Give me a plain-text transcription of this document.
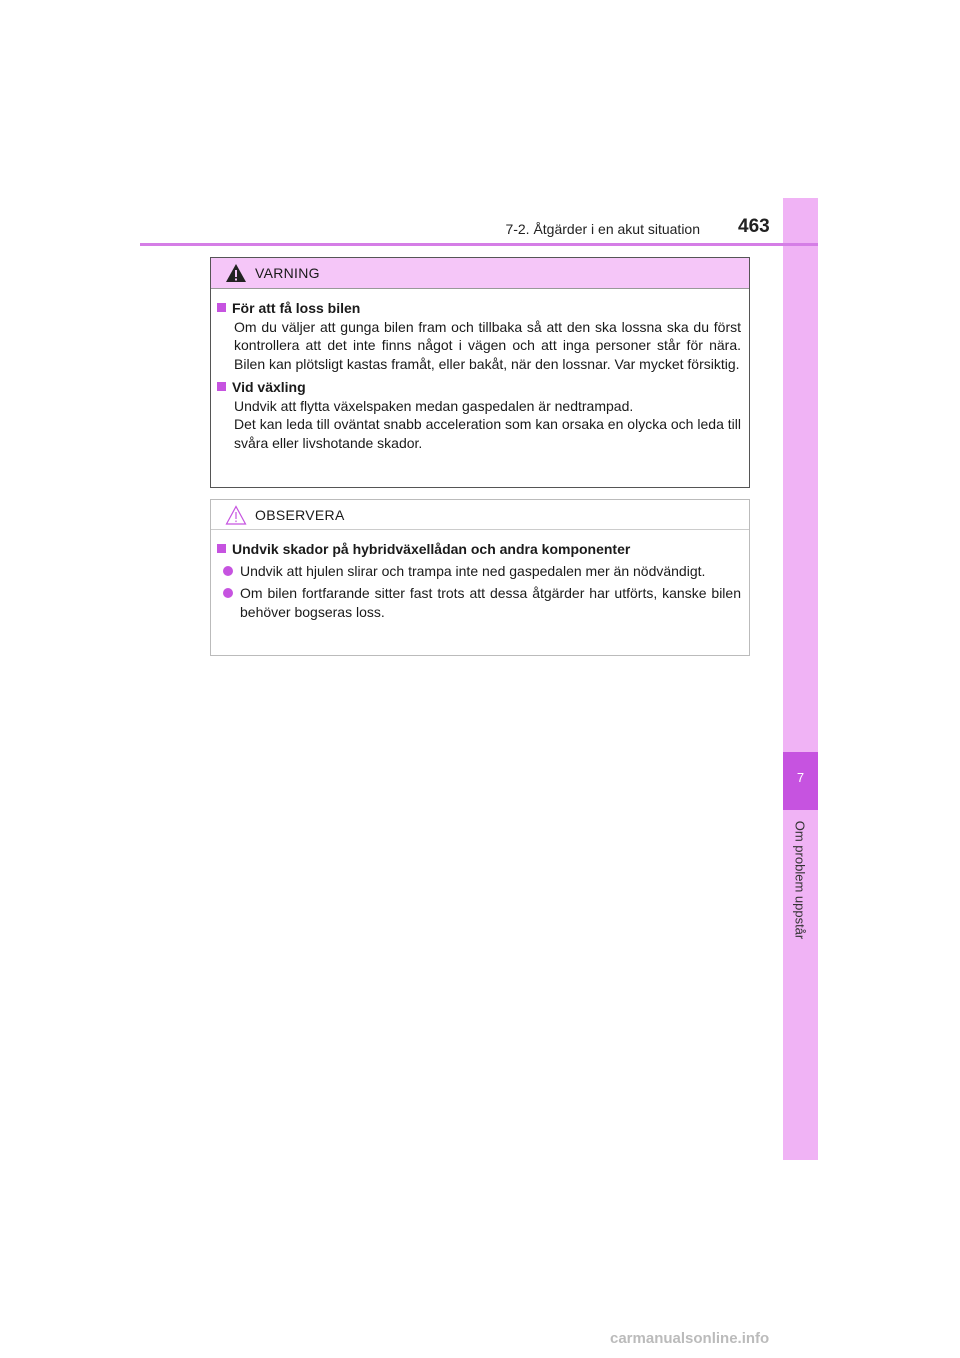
7
Om problem uppstår
7-2. Åtgärder i en akut situation 463
VARNING
För att få loss bilen
Om du väljer att gunga bilen fram och tillbaka så att den ska lossna ska du först kontrollera att det inte finns något i vägen och att inga personer står för nära. Bilen kan plötsligt kastas framåt, eller bakåt, när den lossnar. Var mycket försiktig.
Vid växling
Undvik att flytta växelspaken medan gaspedalen är nedtrampad.
Det kan leda till oväntat snabb acceleration som kan orsaka en olycka och leda till svåra eller livshotande skador.
OBSERVERA
Undvik skador på hybridväxellådan och andra komponenter
Undvik att hjulen slirar och trampa inte ned gaspedalen mer än nödvändigt.
Om bilen fortfarande sitter fast trots att dessa åtgärder har utförts, kanske bilen behöver bogseras loss.
carmanualsonline.info
